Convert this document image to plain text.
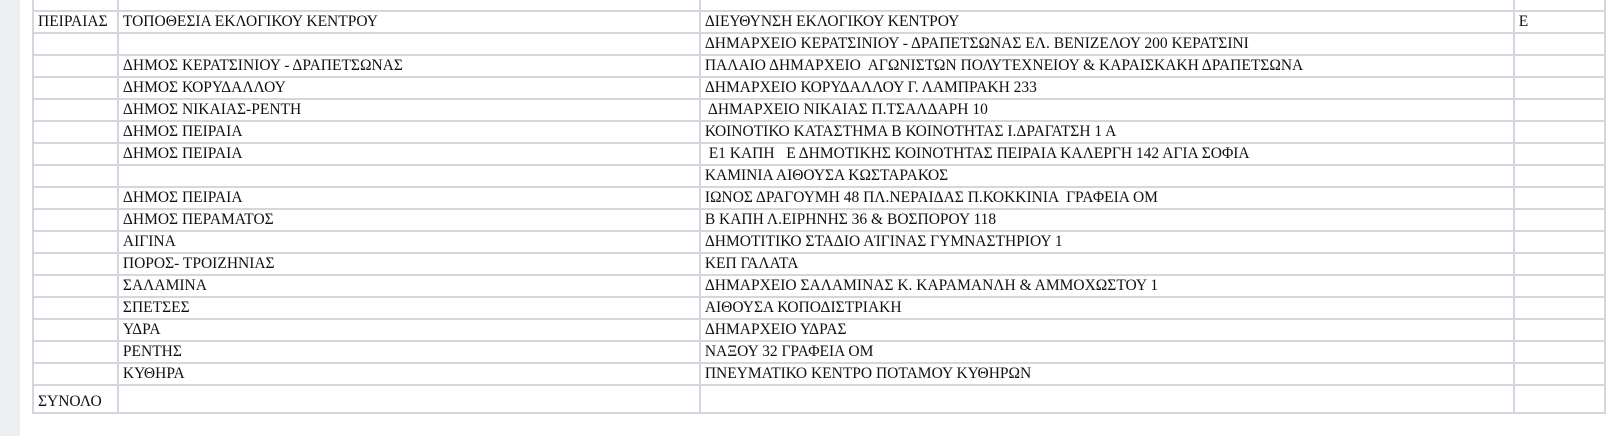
ΠΕΙΡΑΙΑΣ	ΤΟΠΟΘΕΣΙΑ ΕΚΛΟΓΙΚΟΥ ΚΕΝΤΡΟΥ	ΔΙΕΥΘΥΝΣΗ ΕΚΛΟΓΙΚΟΥ ΚΕΝΤΡΟΥ	Ε
		ΔΗΜΑΡΧΕΙΟ ΚΕΡΑΤΣΙΝΙΟΥ - ΔΡΑΠΕΤΣΩΝΑΣ ΕΛ. ΒΕΝΙΖΕΛΟΥ 200 ΚΕΡΑΤΣΙΝΙ	
	ΔΗΜΟΣ ΚΕΡΑΤΣΙΝΙΟΥ - ΔΡΑΠΕΤΣΩΝΑΣ	ΠΑΛΑΙΟ ΔΗΜΑΡΧΕΙΟ  ΑΓΩΝΙΣΤΩΝ ΠΟΛΥΤΕΧΝΕΙΟΥ & ΚΑΡΑΙΣΚΑΚΗ ΔΡΑΠΕΤΣΩΝΑ	
	ΔΗΜΟΣ ΚΟΡΥΔΑΛΛΟΥ	ΔΗΜΑΡΧΕΙΟ ΚΟΡΥΔΑΛΛΟΥ Γ. ΛΑΜΠΡΑΚΗ 233	
	ΔΗΜΟΣ ΝΙΚΑΙΑΣ-ΡΕΝΤΗ	ΔΗΜΑΡΧΕΙΟ ΝΙΚΑΙΑΣ Π.ΤΣΑΛΔΑΡΗ 10	
	ΔΗΜΟΣ ΠΕΙΡΑΙΑ	ΚΟΙΝΟΤΙΚΟ ΚΑΤΑΣΤΗΜΑ Β ΚΟΙΝΟΤΗΤΑΣ Ι.ΔΡΑΓΑΤΣΗ 1 Α	
	ΔΗΜΟΣ ΠΕΙΡΑΙΑ	Ε1 ΚΑΠΗ   Ε ΔΗΜΟΤΙΚΗΣ ΚΟΙΝΟΤΗΤΑΣ ΠΕΙΡΑΙΑ ΚΑΛΕΡΓΗ 142 ΑΓΙΑ ΣΟΦΙΑ	
		ΚΑΜΙΝΙΑ ΑΙΘΟΥΣΑ ΚΩΣΤΑΡΑΚΟΣ	
	ΔΗΜΟΣ ΠΕΙΡΑΙΑ	ΙΩΝΟΣ ΔΡΑΓΟΥΜΗ 48 ΠΛ.ΝΕΡΑΙΔΑΣ Π.ΚΟΚΚΙΝΙΑ  ΓΡΑΦΕΙΑ ΟΜ	
	ΔΗΜΟΣ ΠΕΡΑΜΑΤΟΣ	Β ΚΑΠΗ Λ.ΕΙΡΗΝΗΣ 36 & ΒΟΣΠΟΡΟΥ 118	
	ΑΙΓΙΝΑ	ΔΗΜΟΤΙΤΙΚΟ ΣΤΑΔΙΟ ΑΊΓΙΝΑΣ ΓΥΜΝΑΣΤΗΡΙΟΥ 1	
	ΠΟΡΟΣ- ΤΡΟΙΖΗΝΙΑΣ	ΚΕΠ ΓΑΛΑΤΑ	
	ΣΑΛΑΜΙΝΑ	ΔΗΜΑΡΧΕΙΟ ΣΑΛΑΜΙΝΑΣ Κ. ΚΑΡΑΜΑΝΛΗ & ΑΜΜΟΧΩΣΤΟΥ 1	
	ΣΠΕΤΣΕΣ	ΑΙΘΟΥΣΑ ΚΟΠΟΔΙΣΤΡΙΑΚΗ	
	ΥΔΡΑ	ΔΗΜΑΡΧΕΙΟ ΥΔΡΑΣ	
	ΡΕΝΤΗΣ	ΝΑΞΟΥ 32 ΓΡΑΦΕΙΑ ΟΜ	
	ΚΥΘΗΡΑ	ΠΝΕΥΜΑΤΙΚΟ ΚΕΝΤΡΟ ΠΟΤΑΜΟΥ ΚΥΘΗΡΩΝ	
ΣΥΝΟΛΟ			
